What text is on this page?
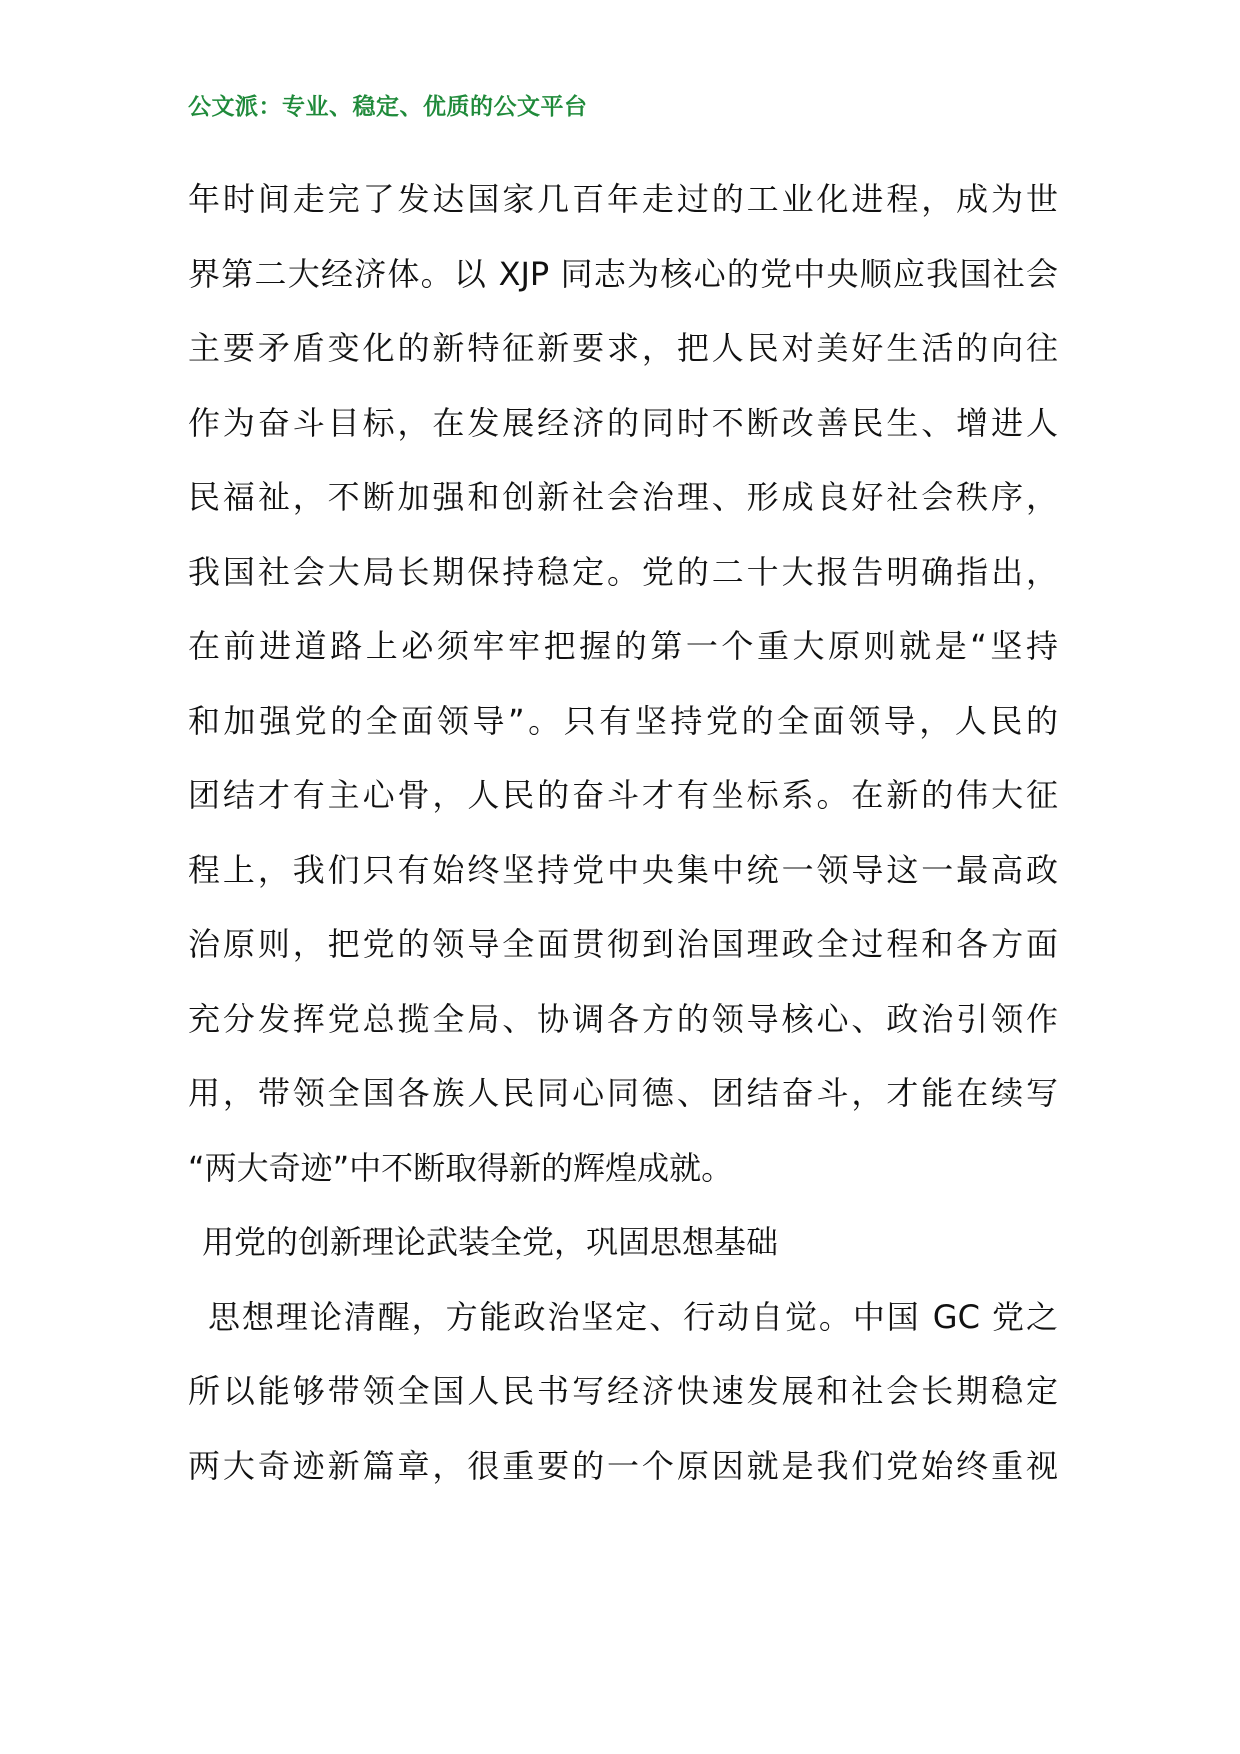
公文派：专业、稳定、优质的公文平台
年时间走完了发达国家几百年走过的工业化进程，成为世
界第二大经济体。以 XJP 同志为核心的党中央顺应我国社会
主要矛盾变化的新特征新要求，把人民对美好生活的向往
作为奋斗目标，在发展经济的同时不断改善民生、增进人
民福祉，不断加强和创新社会治理、形成良好社会秩序，
我国社会大局长期保持稳定。党的二十大报告明确指出，
在前进道路上必须牢牢把握的第一个重大原则就是“坚持
和加强党的全面领导”。只有坚持党的全面领导，人民的
团结才有主心骨，人民的奋斗才有坐标系。在新的伟大征
程上，我们只有始终坚持党中央集中统一领导这一最高政
治原则，把党的领导全面贯彻到治国理政全过程和各方面
充分发挥党总揽全局、协调各方的领导核心、政治引领作
用，带领全国各族人民同心同德、团结奋斗，才能在续写
“两大奇迹”中不断取得新的辉煌成就。
用党的创新理论武装全党，巩固思想基础
思想理论清醒，方能政治坚定、行动自觉。中国 GC 党之
所以能够带领全国人民书写经济快速发展和社会长期稳定
两大奇迹新篇章，很重要的一个原因就是我们党始终重视
